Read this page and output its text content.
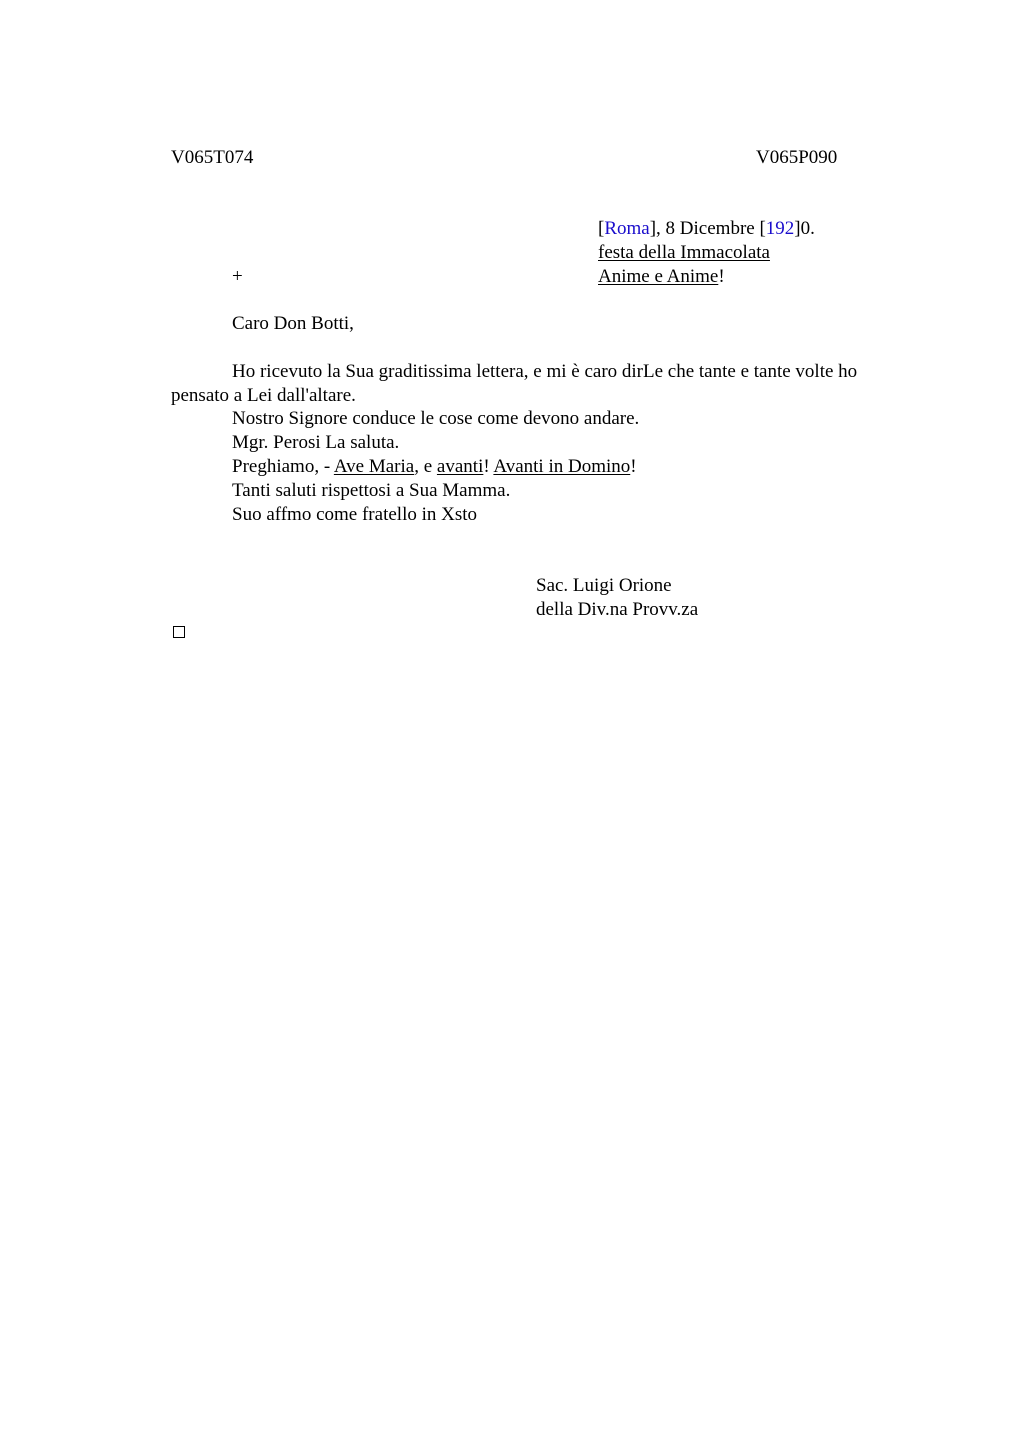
V065T074	V065P090
[Roma], 8 Dicembre [192]0.
festa della Immacolata
Anime e Anime!
+
Caro Don Botti,
Ho ricevuto la Sua graditissima lettera, e mi è caro dirLe che tante e tante volte ho pensato a Lei dall'altare.
Nostro Signore conduce le cose come devono andare.
Mgr. Perosi La saluta.
Preghiamo, - Ave Maria, e avanti! Avanti in Domino!
Tanti saluti rispettosi a Sua Mamma.
Suo affmo come fratello in Xsto
Sac. Luigi Orione
della Div.na Provv.za
